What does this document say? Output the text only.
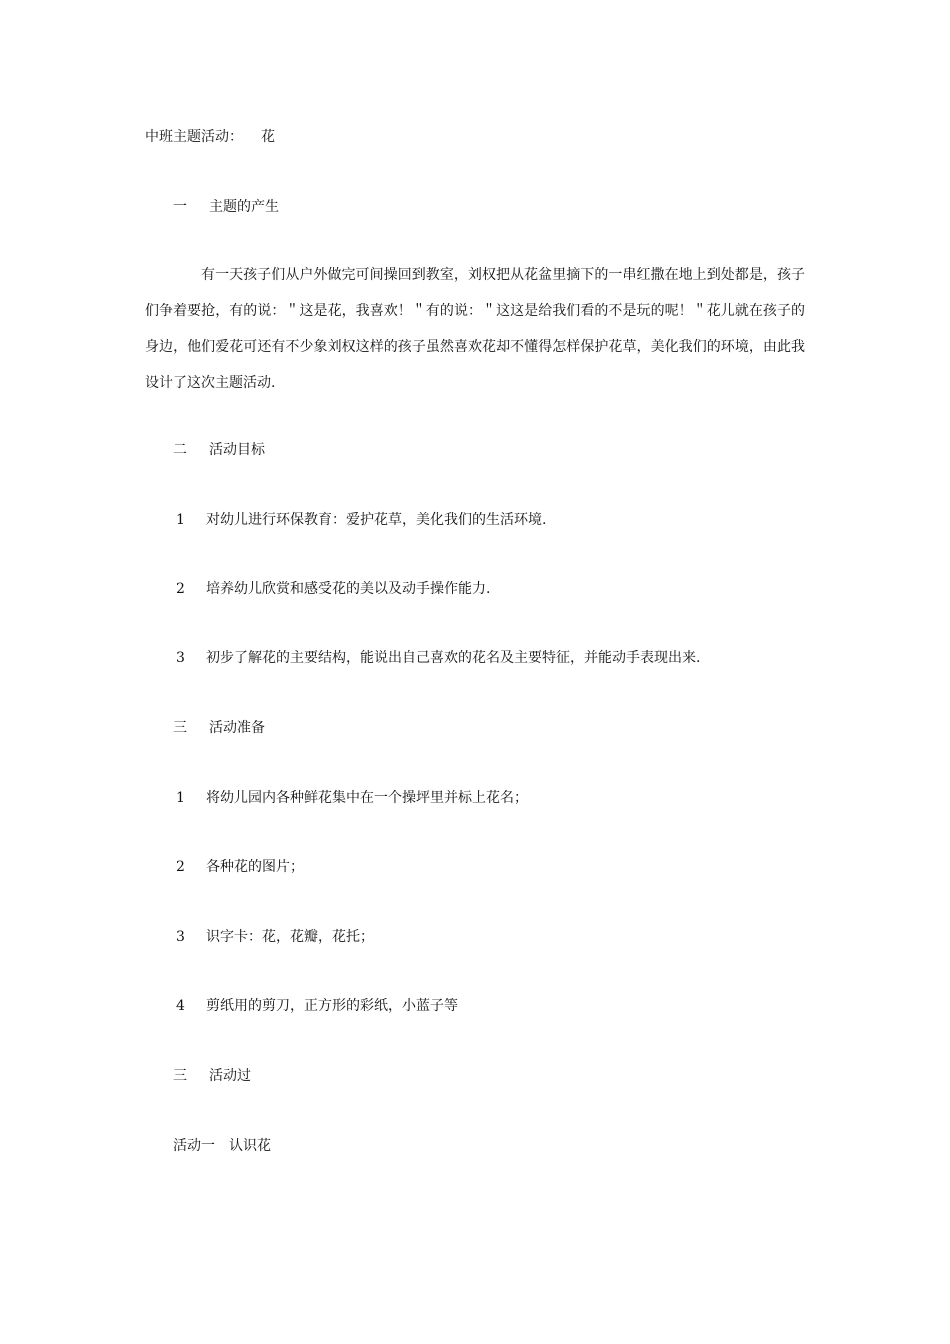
中班主题活动： 花
一 主题的产生
有一天孩子们从户外做完可间操回到教室，刘权把从花盆里摘下的一串红撒在地上到处都是，孩子们争着要抢，有的说：＂这是花，我喜欢！＂有的说：＂这这是给我们看的不是玩的呢！＂花儿就在孩子的身边，他们爱花可还有不少象刘权这样的孩子虽然喜欢花却不懂得怎样保护花草，美化我们的环境，由此我设计了这次主题活动.
二 活动目标
1 对幼儿进行环保教育：爱护花草，美化我们的生活环境.
2 培养幼儿欣赏和感受花的美以及动手操作能力.
3 初步了解花的主要结构，能说出自己喜欢的花名及主要特征，并能动手表现出来.
三 活动准备
1 将幼儿园内各种鲜花集中在一个操坪里并标上花名；
2 各种花的图片；
3 识字卡：花，花瓣，花托；
4 剪纸用的剪刀，正方形的彩纸，小蓝子等
三 活动过
活动一 认识花
